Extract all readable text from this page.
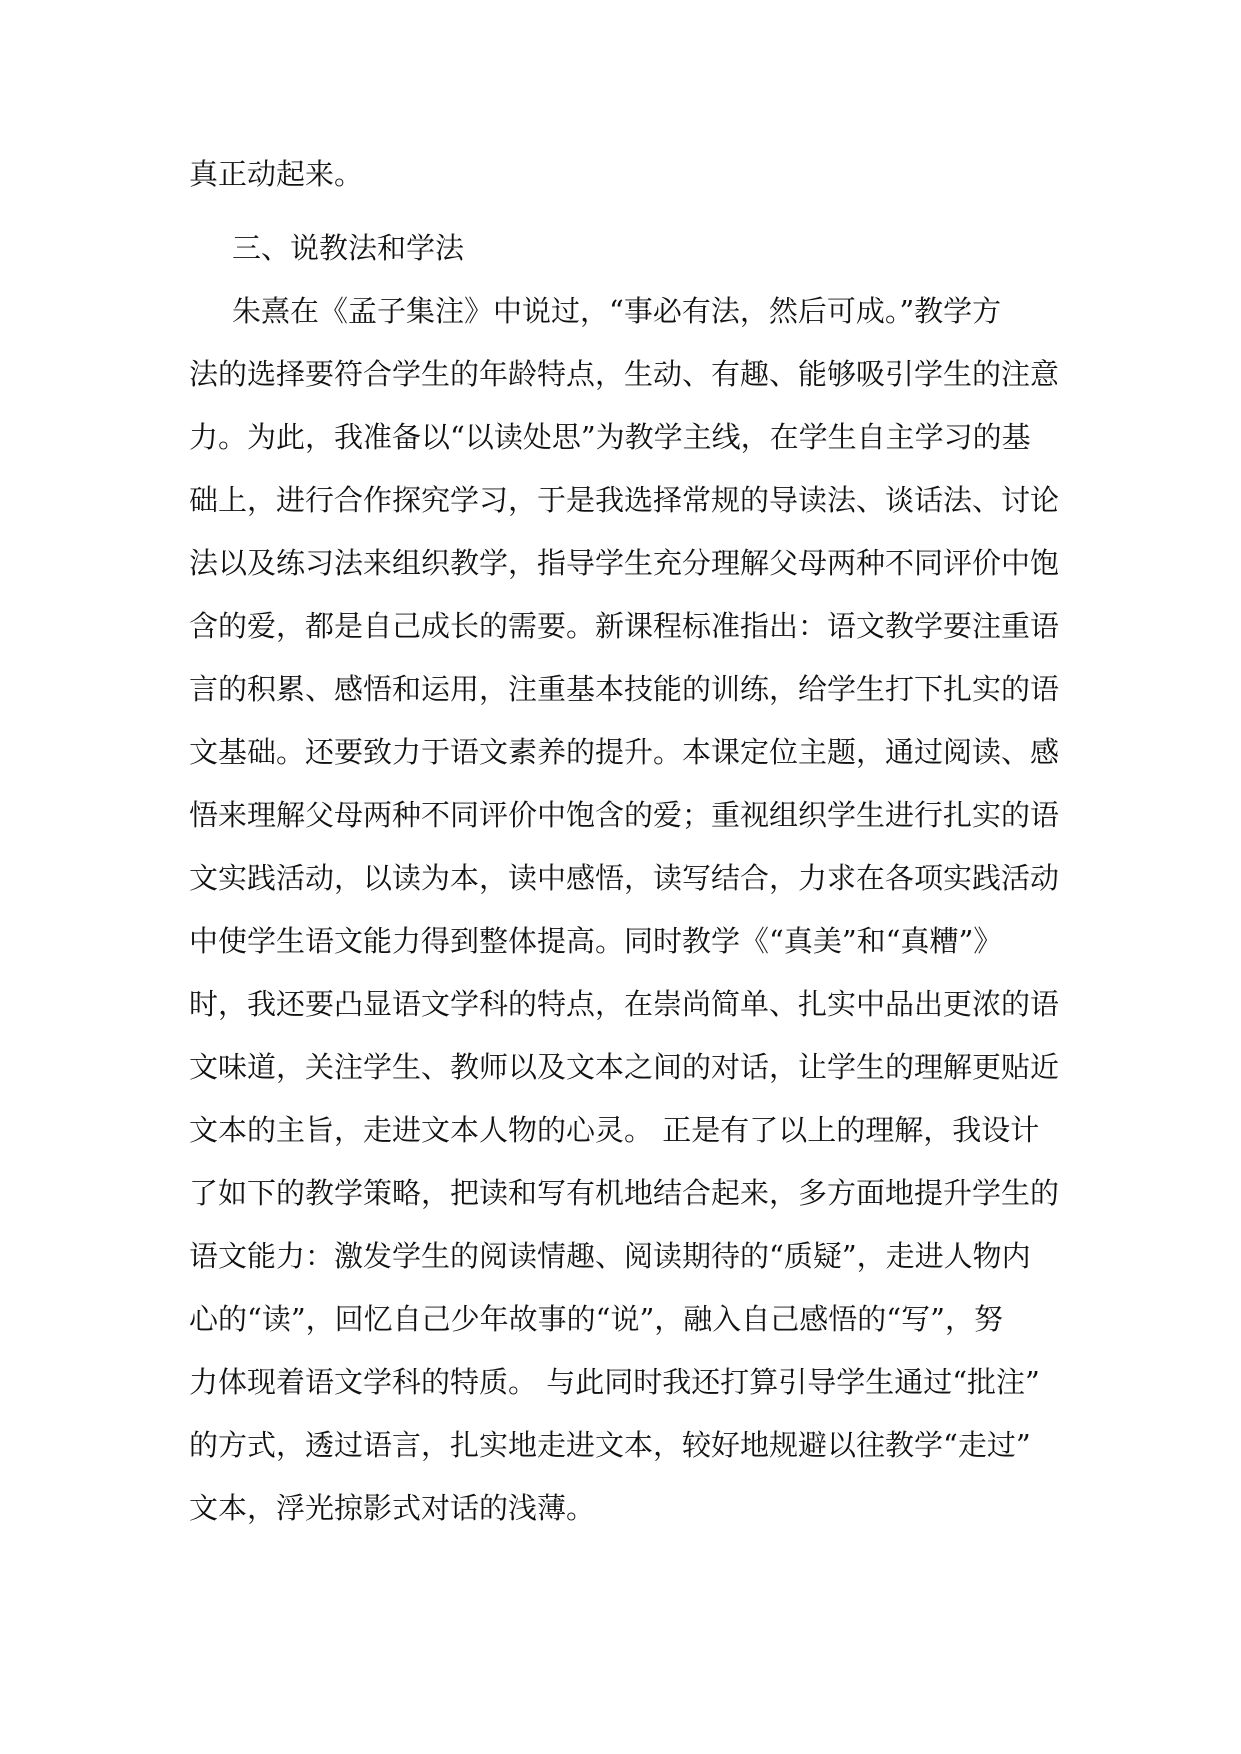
真正动起来。
三、说教法和学法
朱熹在《孟子集注》中说过，“事必有法，然后可成。”教学方
法的选择要符合学生的年龄特点，生动、有趣、能够吸引学生的注意
力。为此，我准备以“以读处思”为教学主线，在学生自主学习的基
础上，进行合作探究学习，于是我选择常规的导读法、谈话法、讨论
法以及练习法来组织教学，指导学生充分理解父母两种不同评价中饱
含的爱，都是自己成长的需要。新课程标准指出：语文教学要注重语
言的积累、感悟和运用，注重基本技能的训练，给学生打下扎实的语
文基础。还要致力于语文素养的提升。本课定位主题，通过阅读、感
悟来理解父母两种不同评价中饱含的爱；重视组织学生进行扎实的语
文实践活动，以读为本，读中感悟，读写结合，力求在各项实践活动
中使学生语文能力得到整体提高。同时教学《“真美”和“真糟”》
时，我还要凸显语文学科的特点，在崇尚简单、扎实中品出更浓的语
文味道，关注学生、教师以及文本之间的对话，让学生的理解更贴近
文本的主旨，走进文本人物的心灵。 正是有了以上的理解，我设计
了如下的教学策略，把读和写有机地结合起来，多方面地提升学生的
语文能力：激发学生的阅读情趣、阅读期待的“质疑”，走进人物内
心的“读”，回忆自己少年故事的“说”，融入自己感悟的“写”，努
力体现着语文学科的特质。 与此同时我还打算引导学生通过“批注”
的方式，透过语言，扎实地走进文本，较好地规避以往教学“走过”
文本，浮光掠影式对话的浅薄。
